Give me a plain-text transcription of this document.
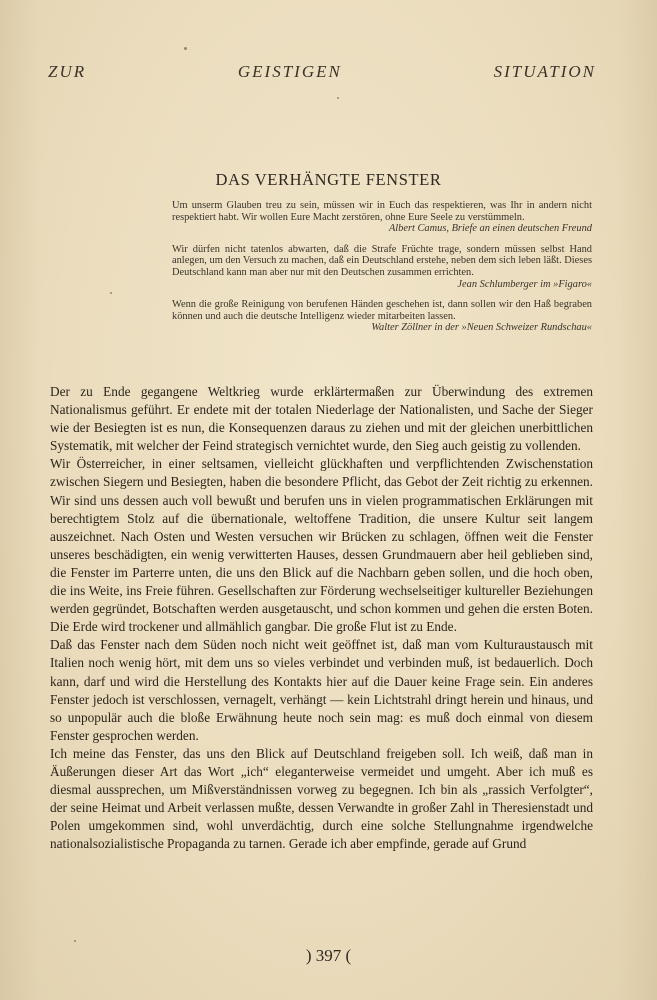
ZUR GEISTIGEN SITUATION
DAS VERHÄNGTE FENSTER
Um unserm Glauben treu zu sein, müssen wir in Euch das respektieren, was Ihr in andern nicht respektiert habt. Wir wollen Eure Macht zerstören, ohne Eure Seele zu verstümmeln.
Albert Camus, Briefe an einen deutschen Freund
Wir dürfen nicht tatenlos abwarten, daß die Strafe Früchte trage, sondern müssen selbst Hand anlegen, um den Versuch zu machen, daß ein Deutschland erstehe, neben dem sich leben läßt. Dieses Deutschland kann man aber nur mit den Deutschen zusammen errichten.
Jean Schlumberger im »Figaro«
Wenn die große Reinigung von berufenen Händen geschehen ist, dann sollen wir den Haß begraben können und auch die deutsche Intelligenz wieder mitarbeiten lassen.
Walter Zöllner in der »Neuen Schweizer Rundschau«

Der zu Ende gegangene Weltkrieg wurde erklärtermaßen zur Überwindung des extremen Nationalismus geführt. Er endete mit der totalen Niederlage der Nationalisten, und Sache der Sieger wie der Besiegten ist es nun, die Konsequenzen daraus zu ziehen und mit der gleichen unerbittlichen Systematik, mit welcher der Feind strategisch vernichtet wurde, den Sieg auch geistig zu vollenden.

Wir Österreicher, in einer seltsamen, vielleicht glückhaften und verpflichtenden Zwischenstation zwischen Siegern und Besiegten, haben die besondere Pflicht, das Gebot der Zeit richtig zu erkennen. Wir sind uns dessen auch voll bewußt und berufen uns in vielen programmatischen Erklärungen mit berechtigtem Stolz auf die übernationale, weltoffene Tradition, die unsere Kultur seit langem auszeichnet. Nach Osten und Westen versuchen wir Brücken zu schlagen, öffnen weit die Fenster unseres beschädigten, ein wenig verwitterten Hauses, dessen Grundmauern aber heil geblieben sind, die Fenster im Parterre unten, die uns den Blick auf die Nachbarn geben sollen, und die hoch oben, die ins Weite, ins Freie führen. Gesellschaften zur Förderung wechselseitiger kultureller Beziehungen werden gegründet, Botschaften werden ausgetauscht, und schon kommen und gehen die ersten Boten. Die Erde wird trockener und allmählich gangbar. Die große Flut ist zu Ende.

Daß das Fenster nach dem Süden noch nicht weit geöffnet ist, daß man vom Kulturaustausch mit Italien noch wenig hört, mit dem uns so vieles verbindet und verbinden muß, ist bedauerlich. Doch kann, darf und wird die Herstellung des Kontakts hier auf die Dauer keine Frage sein. Ein anderes Fenster jedoch ist verschlossen, vernagelt, verhängt — kein Lichtstrahl dringt herein und hinaus, und so unpopulär auch die bloße Erwähnung heute noch sein mag: es muß doch einmal von diesem Fenster gesprochen werden.

Ich meine das Fenster, das uns den Blick auf Deutschland freigeben soll. Ich weiß, daß man in Äußerungen dieser Art das Wort „ich“ eleganterweise vermeidet und umgeht. Aber ich muß es diesmal aussprechen, um Mißverständnissen vorweg zu begegnen. Ich bin als „rassich Verfolgter“, der seine Heimat und Arbeit verlassen mußte, dessen Verwandte in großer Zahl in Theresienstadt und Polen umgekommen sind, wohl unverdächtig, durch eine solche Stellungnahme irgendwelche nationalsozialistische Propaganda zu tarnen. Gerade ich aber empfinde, gerade auf Grund

) 397 (
